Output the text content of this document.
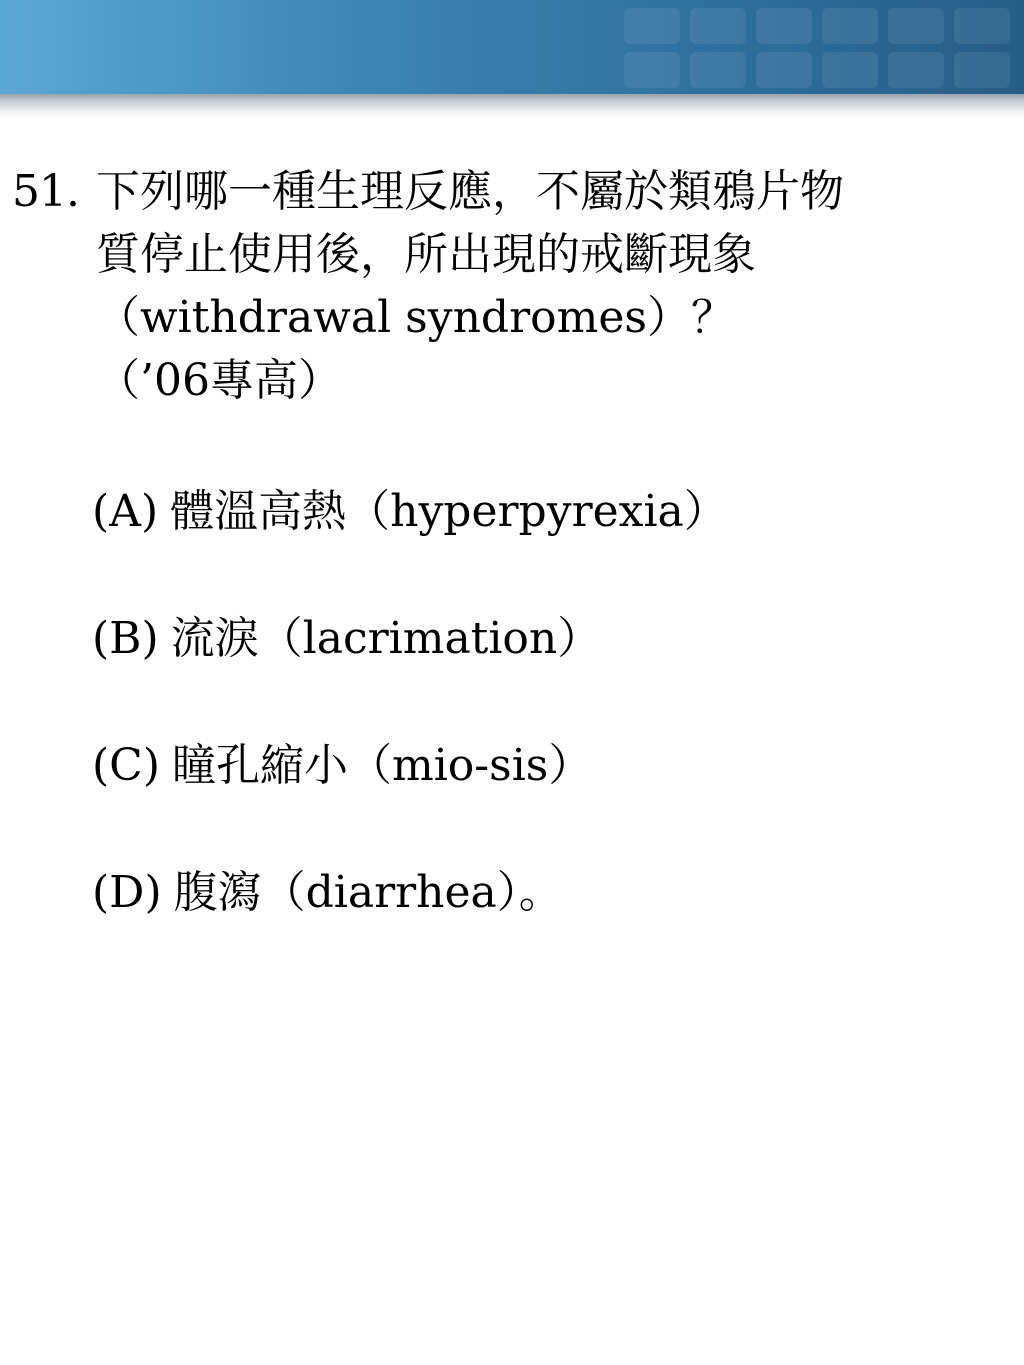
51. 下列哪一種生理反應，不屬於類鴉片物
質停止使用後，所出現的戒斷現象
（withdrawal syndromes）？
（’06專高）
(A) 體溫高熱（hyperpyrexia）
(B) 流淚（lacrimation）
(C) 瞳孔縮小（mio-sis）
(D) 腹瀉（diarrhea）。
